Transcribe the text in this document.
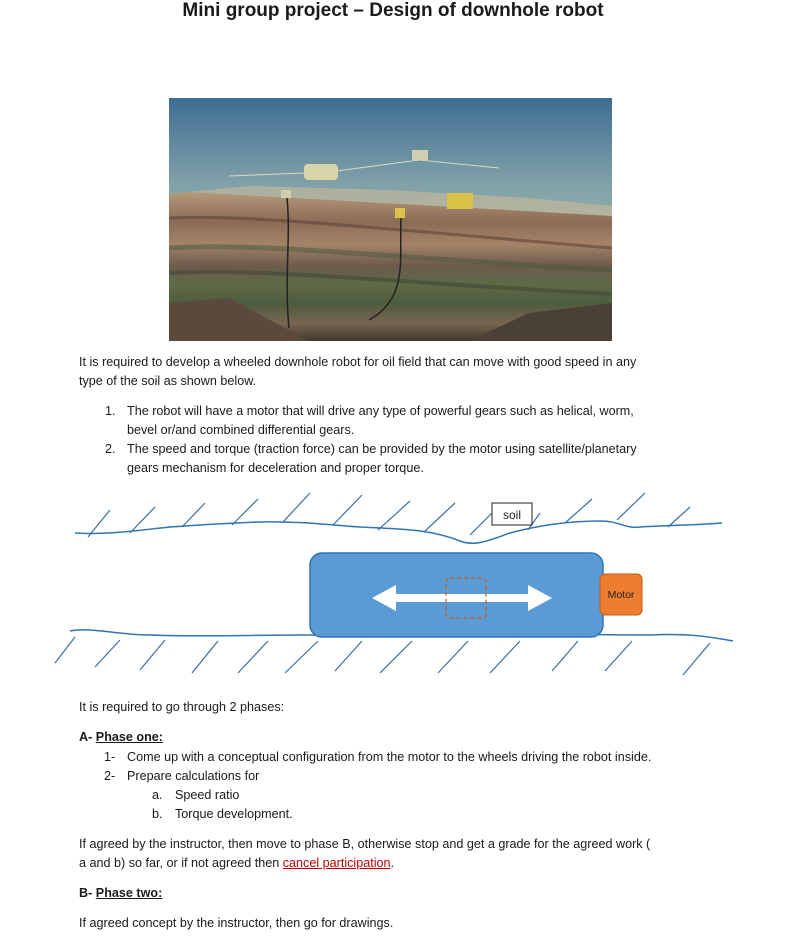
Mini group project – Design of downhole robot
It is required to develop a wheeled downhole robot for oil field that can move with good speed in any
type of the soil as shown below.
1. The robot will have a motor that will drive any type of powerful gears such as helical, worm,
bevel or/and combined differential gears.
2. The speed and torque (traction force) can be provided by the motor using satellite/planetary
gears mechanism for deceleration and proper torque.
soil
Motor
It is required to go through 2 phases:
A- Phase one:
1- Come up with a conceptual configuration from the motor to the wheels driving the robot inside.
2- Prepare calculations for
a. Speed ratio
b. Torque development.
If agreed by the instructor, then move to phase B, otherwise stop and get a grade for the agreed work (
a and b) so far, or if not agreed then cancel participation.
B- Phase two:
If agreed concept by the instructor, then go for drawings.
